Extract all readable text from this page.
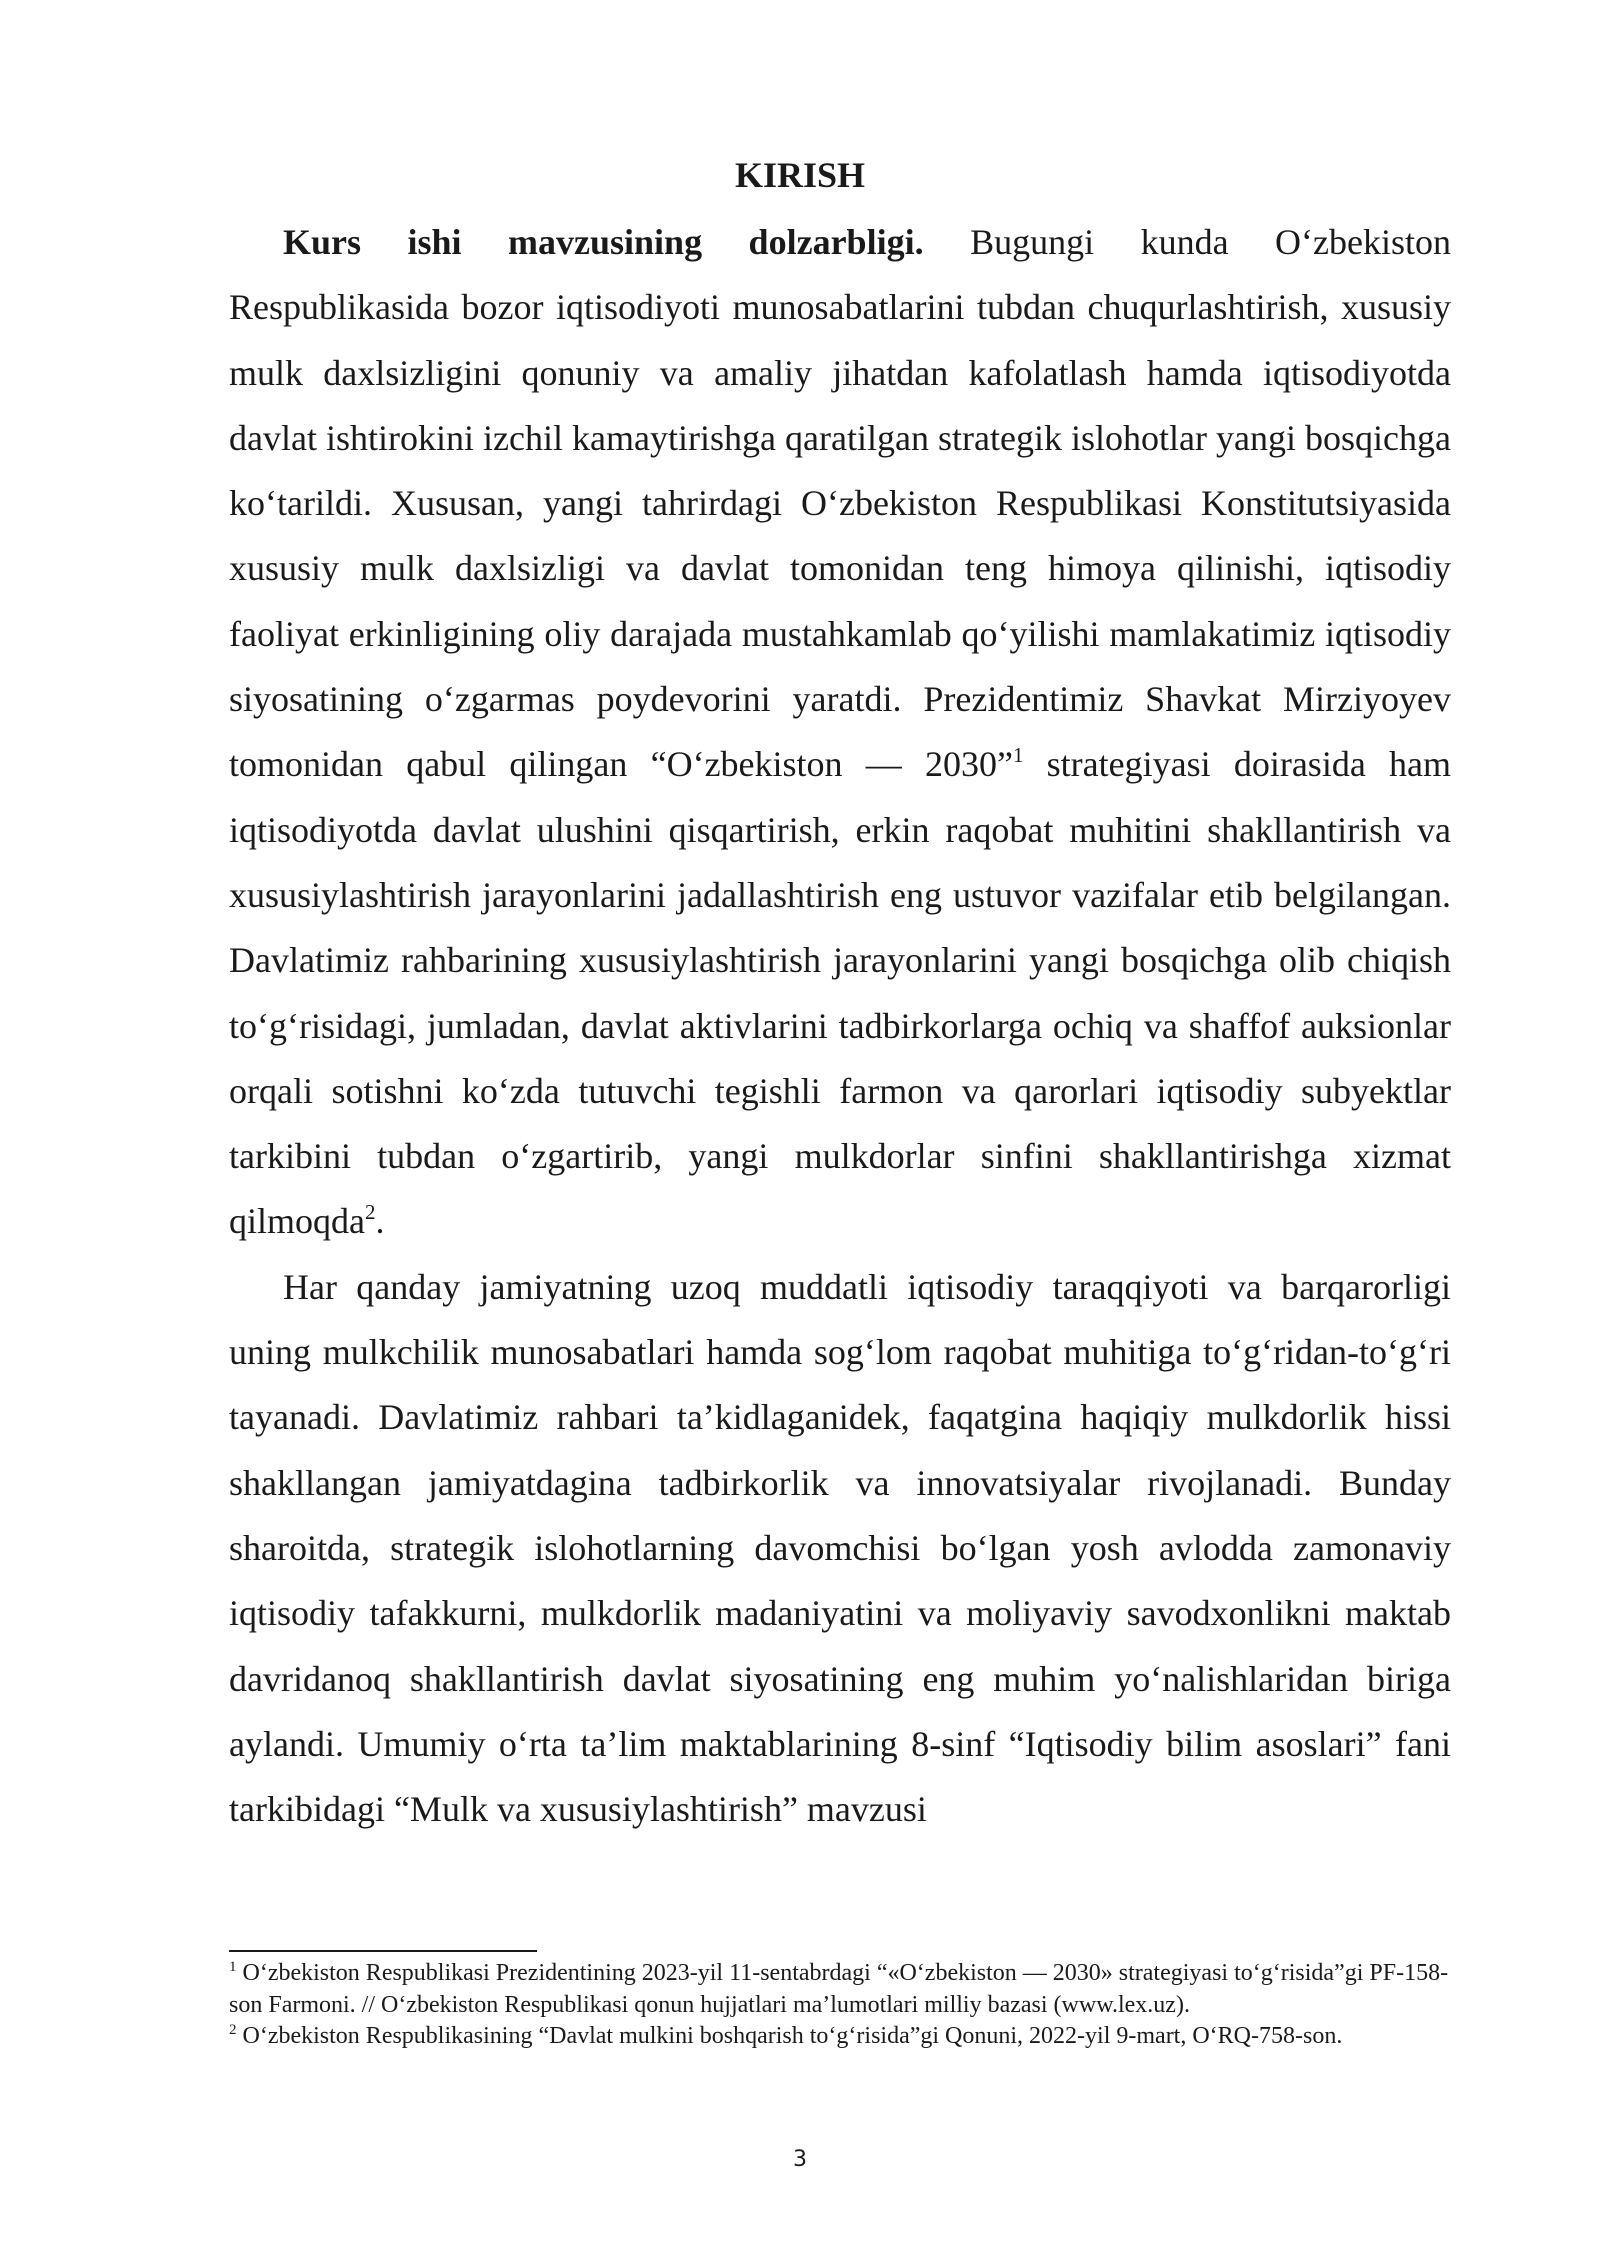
KIRISH

Kurs ishi mavzusining dolzarbligi. Bugungi kunda O‘zbekiston Respublikasida bozor iqtisodiyoti munosabatlarini tubdan chuqurlashtirish, xususiy mulk daxlsizligini qonuniy va amaliy jihatdan kafolatlash hamda iqtisodiyotda davlat ishtirokini izchil kamaytirishga qaratilgan strategik islohotlar yangi bosqichga ko‘tarildi. Xususan, yangi tahrirdagi O‘zbekiston Respublikasi Konstitutsiyasida xususiy mulk daxlsizligi va davlat tomonidan teng himoya qilinishi, iqtisodiy faoliyat erkinligining oliy darajada mustahkamlab qo‘yilishi mamlakatimiz iqtisodiy siyosatining o‘zgarmas poydevorini yaratdi. Prezidentimiz Shavkat Mirziyoyev tomonidan qabul qilingan “O‘zbekiston — 2030”$^1$ strategiyasi doirasida ham iqtisodiyotda davlat ulushini qisqartirish, erkin raqobat muhitini shakllantirish va xususiylashtirish jarayonlarini jadallashtirish eng ustuvor vazifalar etib belgilangan. Davlatimiz rahbarining xususiylashtirish jarayonlarini yangi bosqichga olib chiqish to‘g‘risidagi, jumladan, davlat aktivlarini tadbirkorlarga ochiq va shaffof auksionlar orqali sotishni ko‘zda tutuvchi tegishli farmon va qarorlari iqtisodiy subyektlar tarkibini tubdan o‘zgartirib, yangi mulkdorlar sinfini shakllantirishga xizmat qilmoqda$^2$.

Har qanday jamiyatning uzoq muddatli iqtisodiy taraqqiyoti va barqarorligi uning mulkchilik munosabatlari hamda sog‘lom raqobat muhitiga to‘g‘ridan-to‘g‘ri tayanadi. Davlatimiz rahbari ta’kidlaganidek, faqatgina haqiqiy mulkdorlik hissi shakllangan jamiyatdagina tadbirkorlik va innovatsiyalar rivojlanadi. Bunday sharoitda, strategik islohotlarning davomchisi bo‘lgan yosh avlodda zamonaviy iqtisodiy tafakkurni, mulkdorlik madaniyatini va moliyaviy savodxonlikni maktab davridanoq shakllantirish davlat siyosatining eng muhim yo‘nalishlaridan biriga aylandi. Umumiy o‘rta ta’lim maktablarining 8-sinf “Iqtisodiy bilim asoslari” fani tarkibidagi “Mulk va xususiylashtirish” mavzusi

$^1$ O‘zbekiston Respublikasi Prezidentining 2023-yil 11-sentabrdagi “«O‘zbekiston — 2030» strategiyasi to‘g‘risida”gi PF-158-son Farmoni. // O‘zbekiston Respublikasi qonun hujjatlari ma’lumotlari milliy bazasi (www.lex.uz).

$^2$ O‘zbekiston Respublikasining “Davlat mulkini boshqarish to‘g‘risida”gi Qonuni, 2022-yil 9-mart, O‘RQ-758-son.

3
